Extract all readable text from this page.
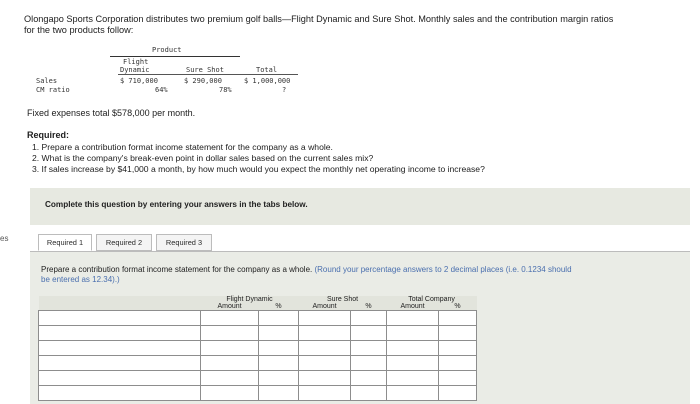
es
Olongapo Sports Corporation distributes two premium golf balls—Flight Dynamic and Sure Shot. Monthly sales and the contribution margin ratios for the two products follow:
Product
Flight
Dynamic	Sure Shot	Total
Sales	$ 710,000	$ 290,000	$ 1,000,000
CM ratio	64%	78%	?
Fixed expenses total $578,000 per month.
Required:
1. Prepare a contribution format income statement for the company as a whole.
2. What is the company's break-even point in dollar sales based on the current sales mix?
3. If sales increase by $41,000 a month, by how much would you expect the monthly net operating income to increase?
Complete this question by entering your answers in the tabs below.
Required 1	Required 2	Required 3
Prepare a contribution format income statement for the company as a whole. (Round your percentage answers to 2 decimal places (i.e. 0.1234 should be entered as 12.34).)
	Flight Dynamic		Sure Shot		Total Company	
	Amount	%	Amount	%	Amount	%
